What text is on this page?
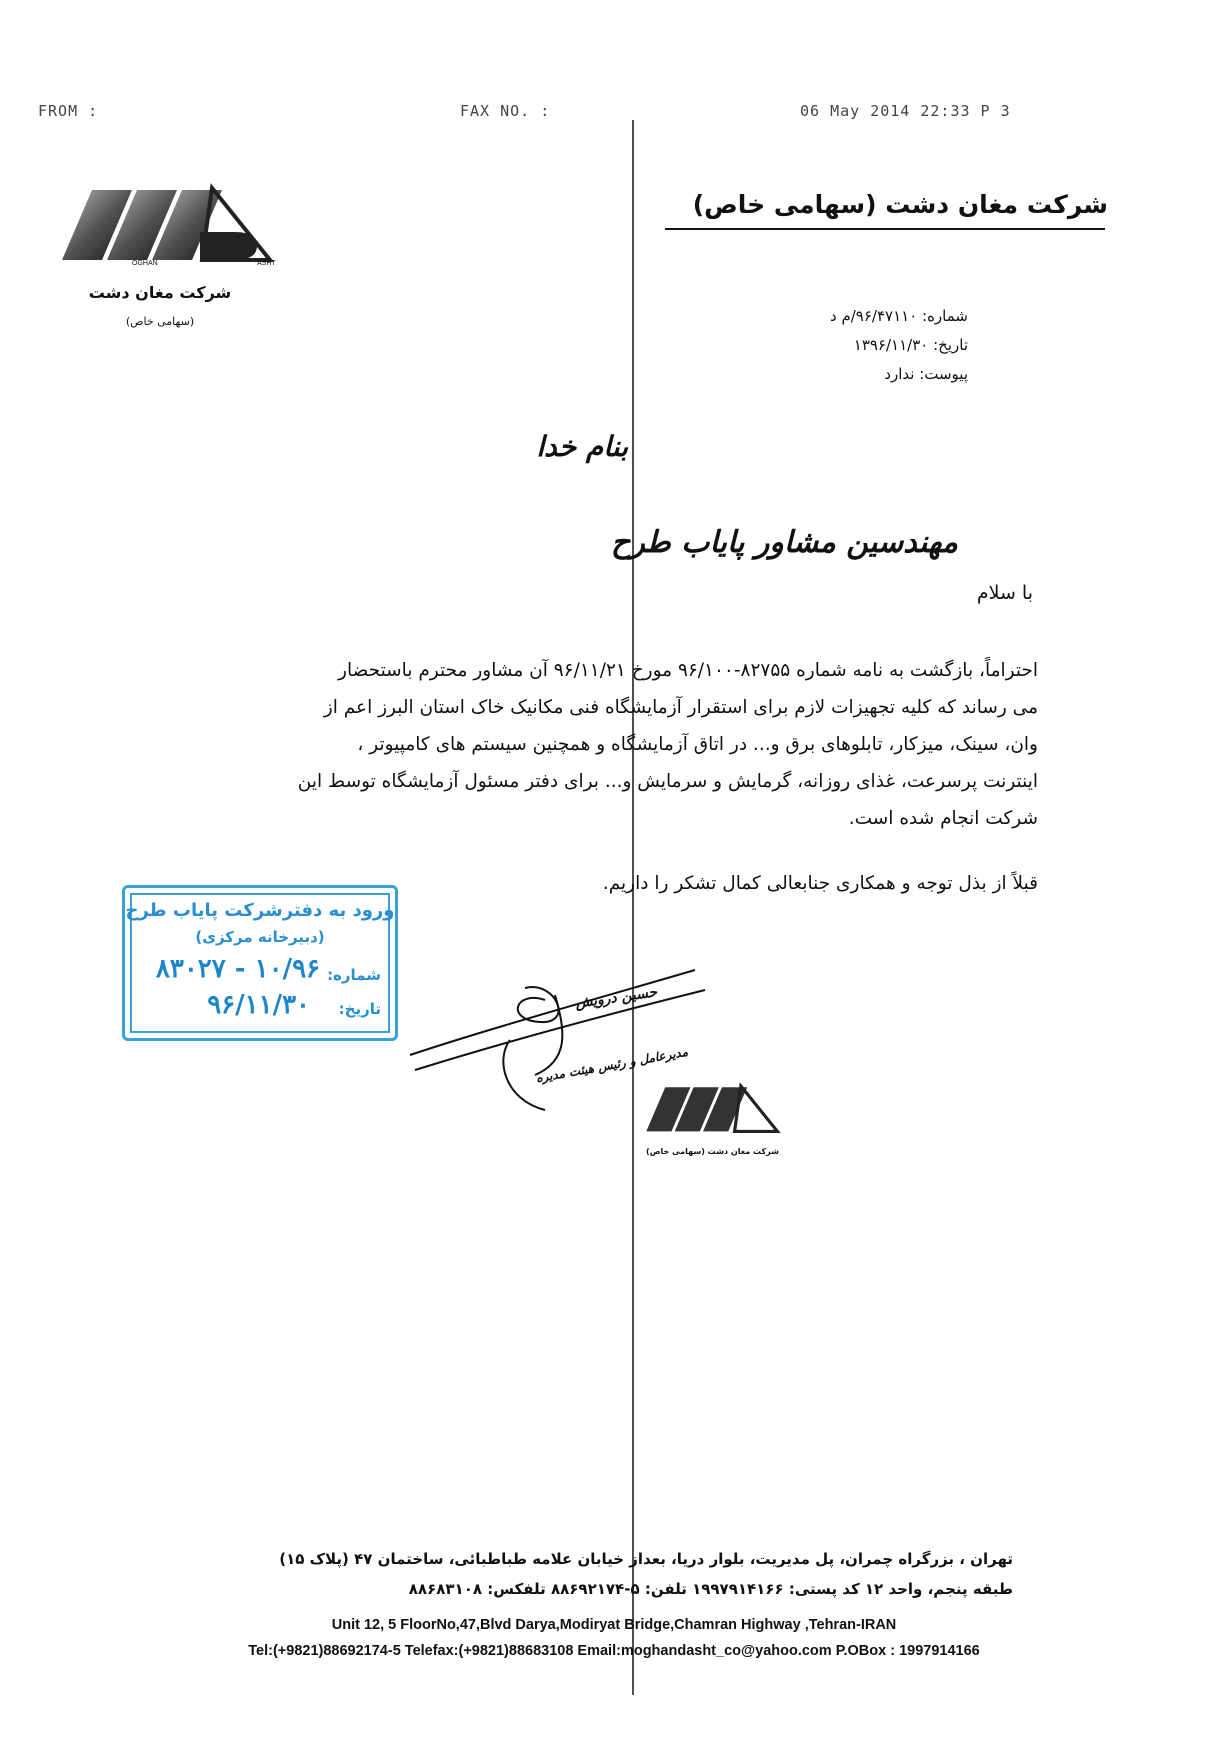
FROM :	FAX NO. :	06 May 2014 22:33 P 3
OGHAN	ASHT
شرکت مغان دشت
(سهامی خاص)
شرکت مغان دشت (سهامی خاص)
شماره: ۹۶/۴۷۱۱۰/م د
تاریخ: ۱۳۹۶/۱۱/۳۰
پیوست: ندارد
بنام خدا
مهندسین مشاور پایاب طرح
با سلام
احتراماً، بازگشت به نامه شماره ۸۲۷۵۵-۹۶/۱۰۰ مورخ ۹۶/۱۱/۲۱ آن مشاور محترم باستحضار
می رساند که کلیه تجهیزات لازم برای استقرار آزمایشگاه فنی مکانیک خاک استان البرز اعم از
وان، سینک، میزکار، تابلوهای برق و... در اتاق آزمایشگاه و همچنین سیستم های کامپیوتر ،
اینترنت پرسرعت، غذای روزانه، گرمایش و سرمایش و... برای دفتر مسئول آزمایشگاه توسط این
شرکت انجام شده است.
قبلاً از بذل توجه و همکاری جنابعالی کمال تشکر را داریم.
ورود به دفترشرکت پایاب طرح
(دبیرخانه مرکزی)
شماره:
۱۰/۹۶ - ۸۳۰۲۷
تاریخ:
۹۶/۱۱/۳۰	حسین درویش
مدیرعامل و رئیس هیئت مدیره
شرکت مغان دشت (سهامی خاص)
تهران ، بزرگراه چمران، پل مدیریت، بلوار دریا، بعداز خیابان علامه طباطبائی، ساختمان ۴۷ (پلاک ۱۵)
طبقه پنجم، واحد ۱۲ کد پستی: ۱۹۹۷۹۱۴۱۶۶ تلفن: ۵-۸۸۶۹۲۱۷۴ تلفکس: ۸۸۶۸۳۱۰۸
Unit 12, 5 FloorNo,47,Blvd Darya,Modiryat Bridge,Chamran Highway ,Tehran-IRAN
Tel:(+9821)88692174-5 Telefax:(+9821)88683108 Email:moghandasht_co@yahoo.com P.OBox : 1997914166
